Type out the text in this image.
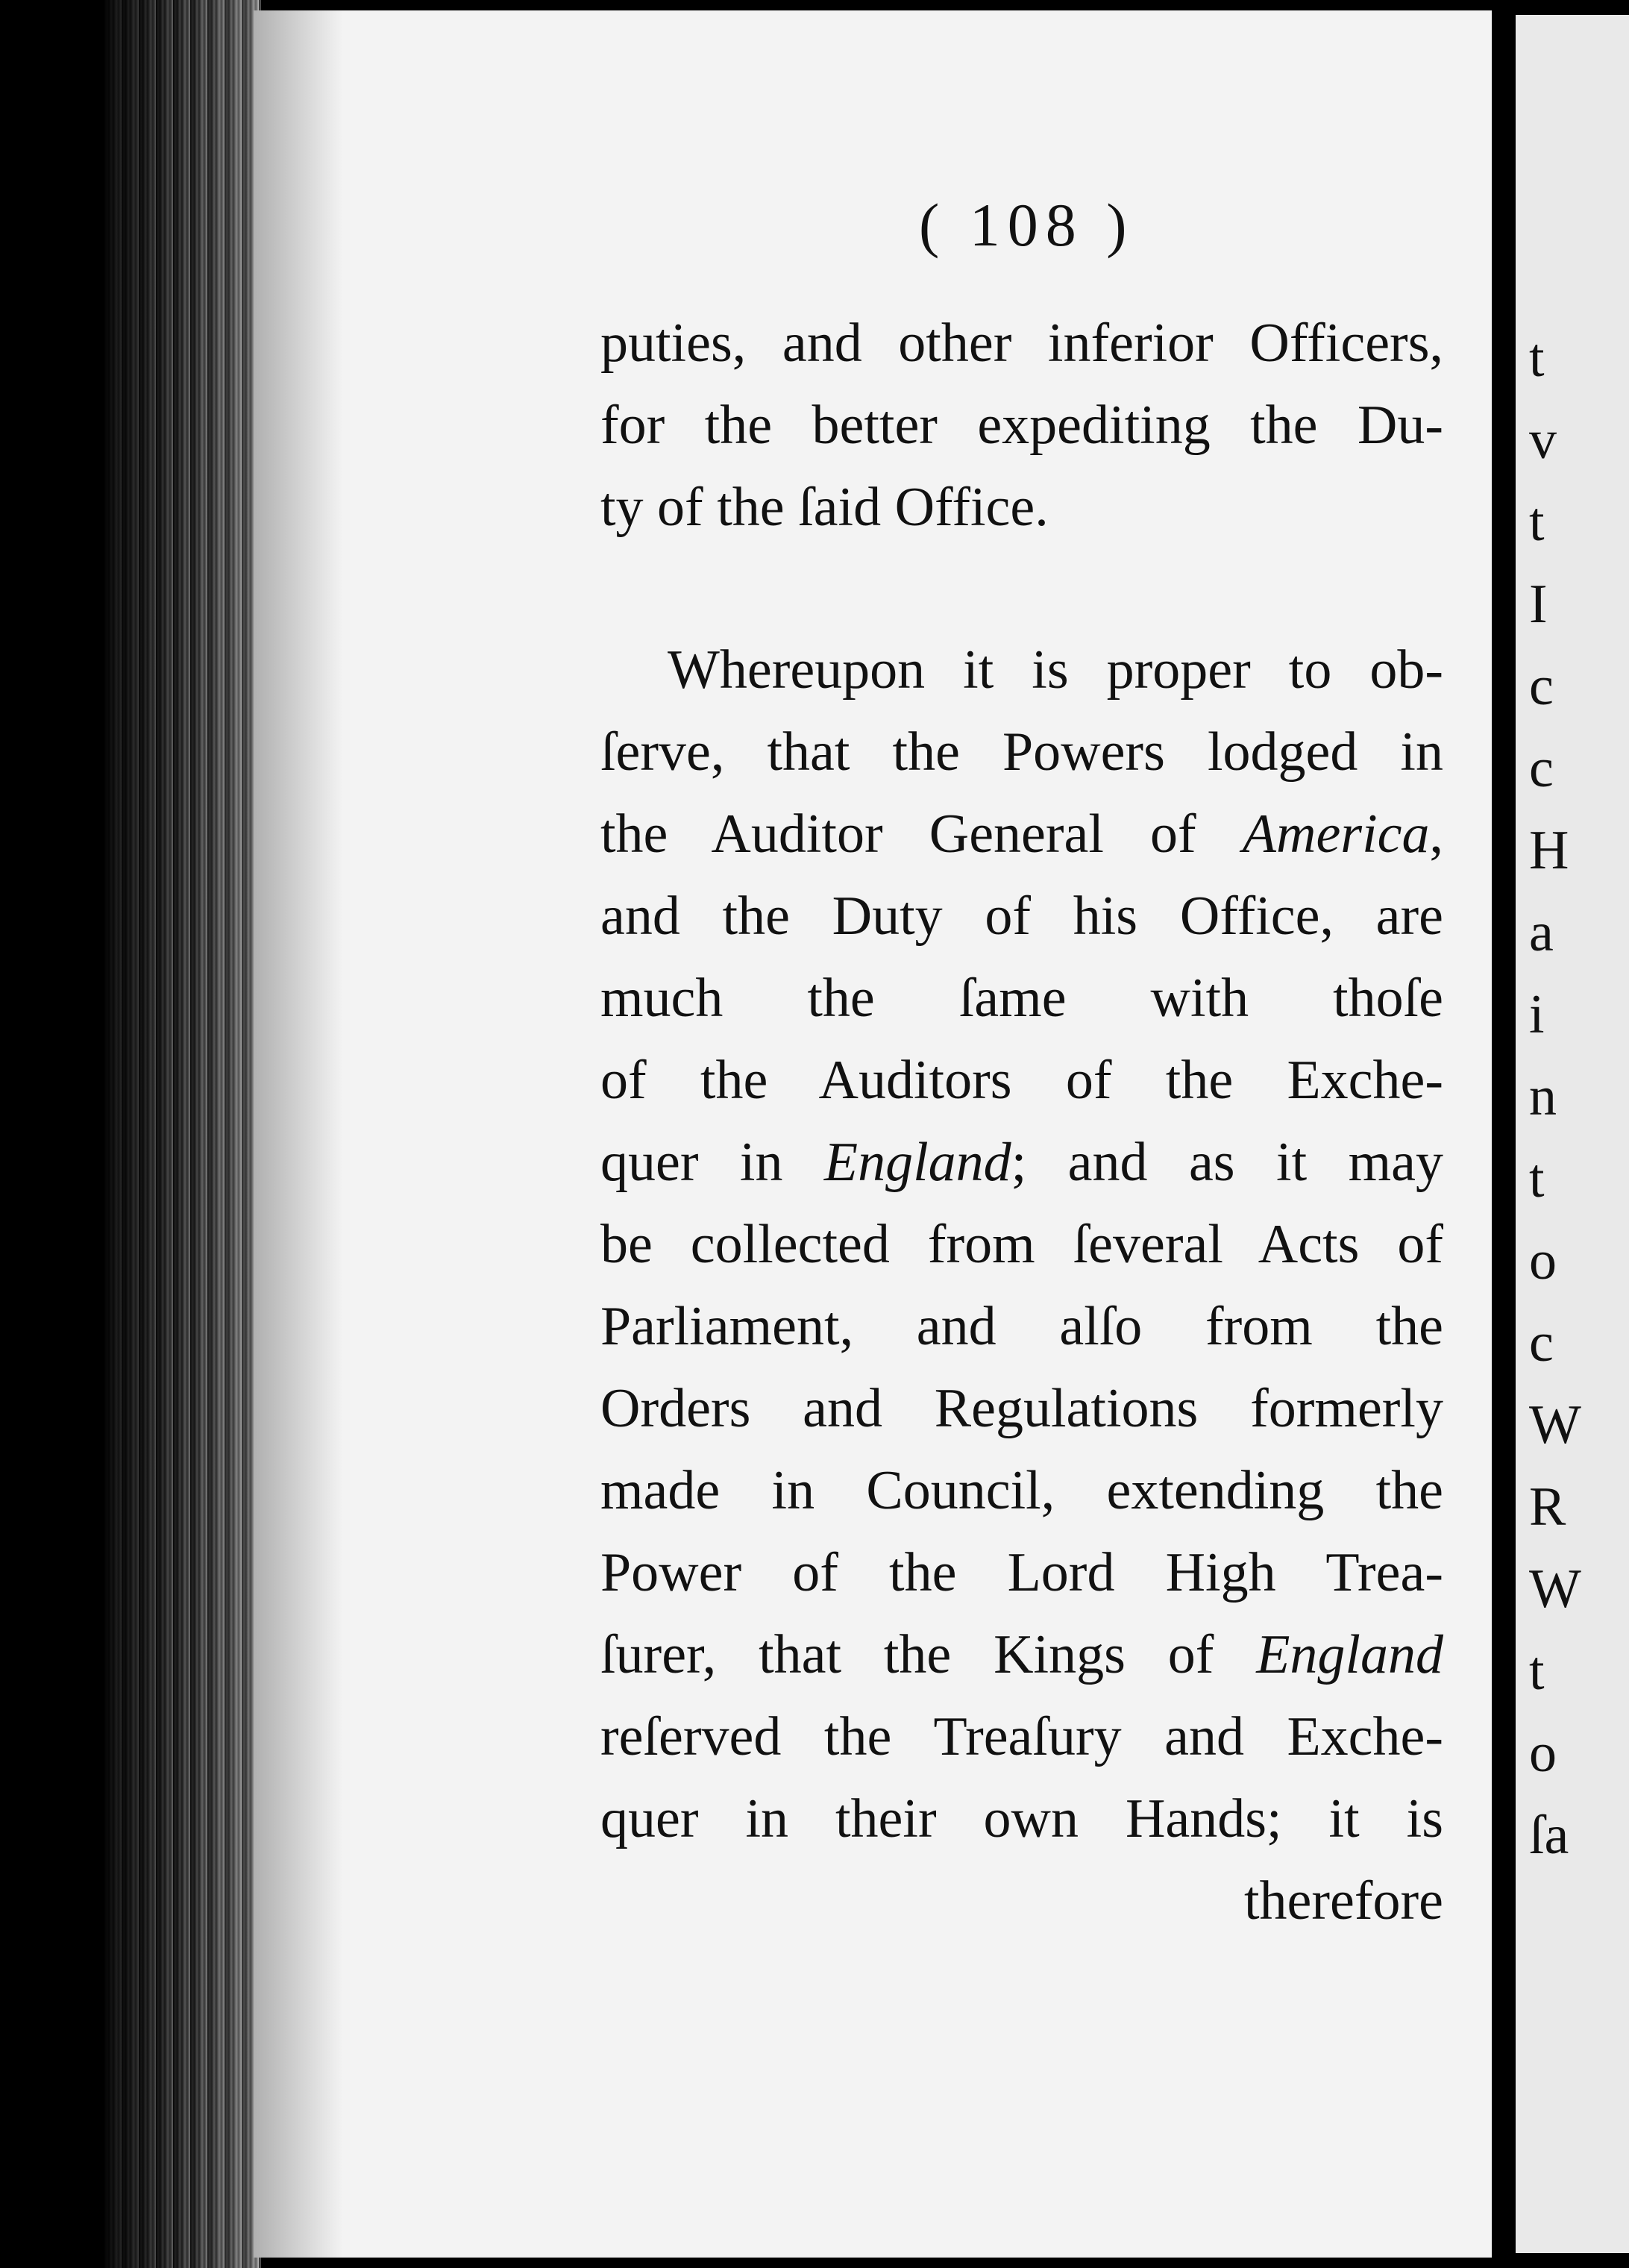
( 108 )
puties, and other inferior Officers,
for the better expediting the Du-
ty of the ſaid Office.
Whereupon it is proper to ob-
ſerve, that the Powers lodged in
the Auditor General of America,
and the Duty of his Office, are
much the ſame with thoſe
of the Auditors of the Exche-
quer in England; and as it may
be collected from ſeveral Acts of
Parliament, and alſo from the
Orders and Regulations formerly
made in Council, extending the
Power of the Lord High Trea-
ſurer, that the Kings of England
reſerved the Treaſury and Exche-
quer in their own Hands; it is
therefore
t
v
t
I
c
c
H
a
i
n
t
o
c
W
R
W
t
o
ſa
